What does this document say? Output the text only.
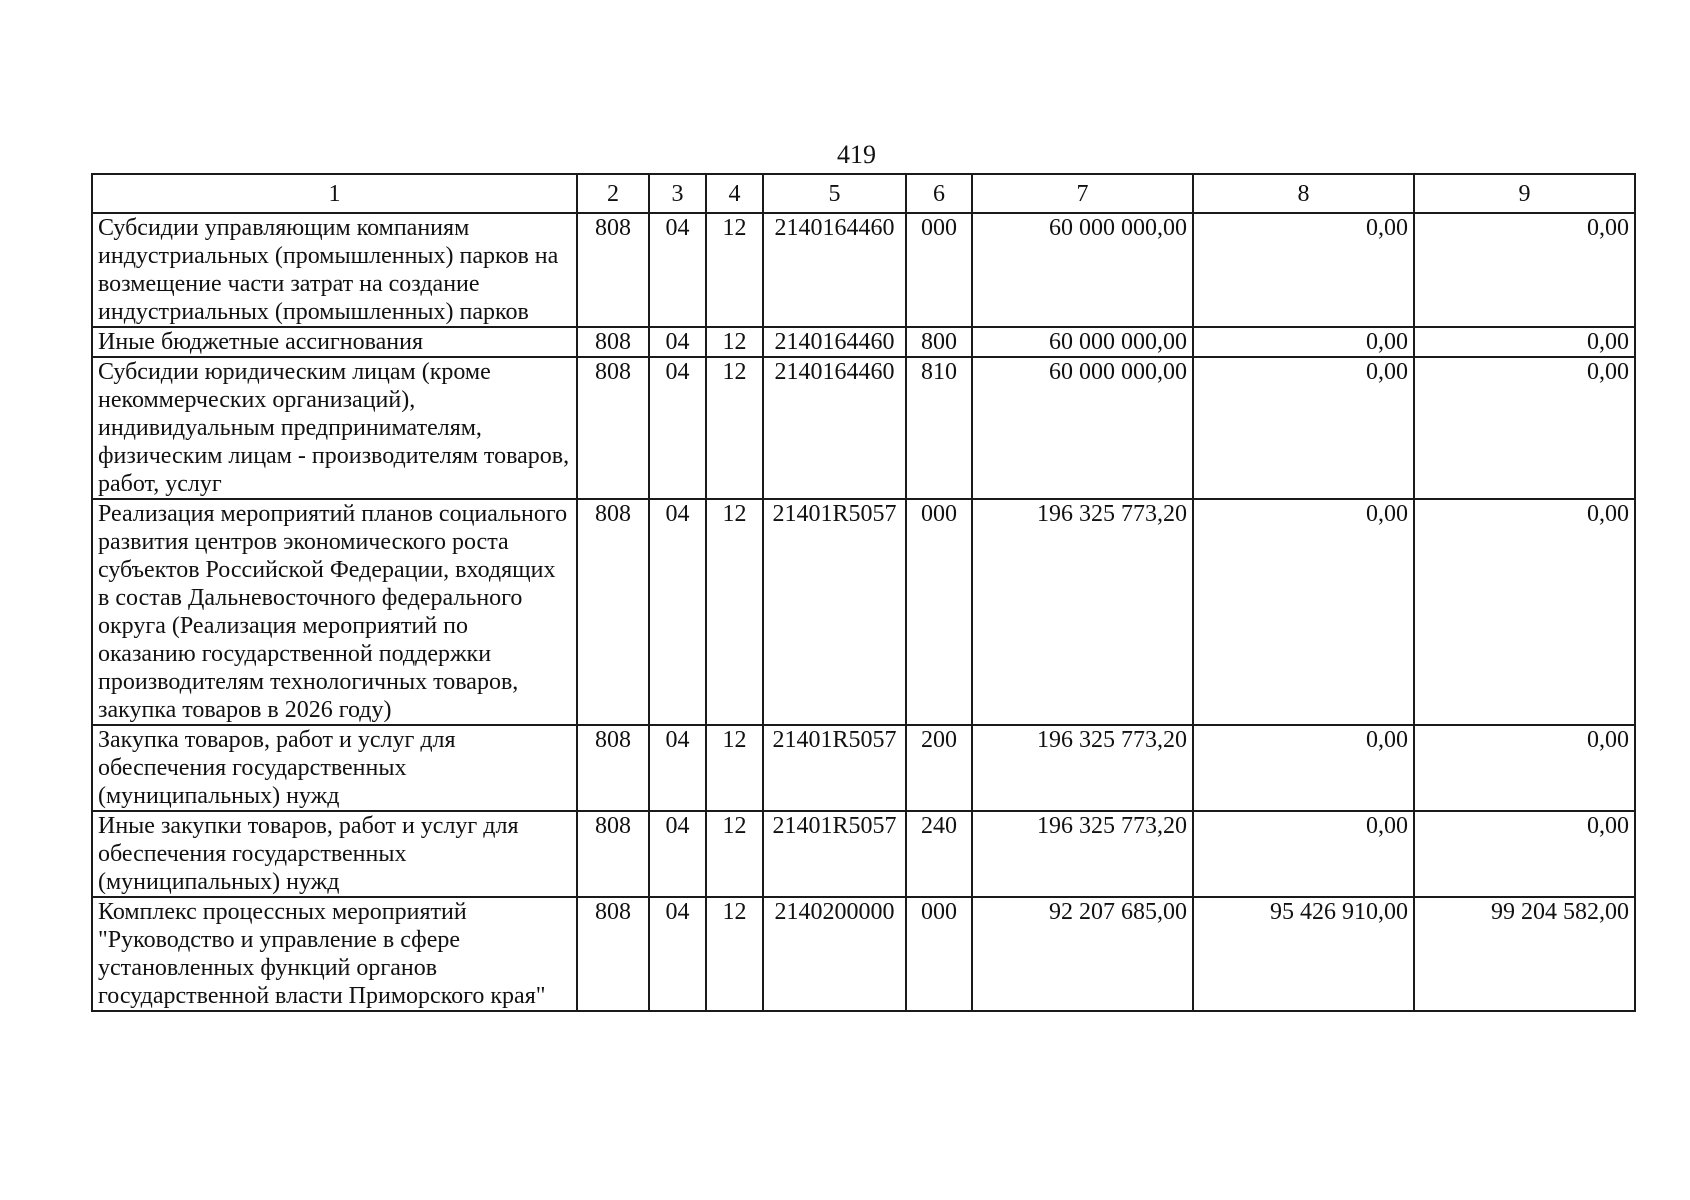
419
1	2	3	4	5	6	7	8	9
Субсидии управляющим компаниям индустриальных (промышленных) парков на возмещение части затрат на создание индустриальных (промышленных) парков	808	04	12	2140164460	000	60 000 000,00	0,00	0,00
Иные бюджетные ассигнования	808	04	12	2140164460	800	60 000 000,00	0,00	0,00
Субсидии юридическим лицам (кроме некоммерческих организаций), индивидуальным предпринимателям, физическим лицам - производителям товаров, работ, услуг	808	04	12	2140164460	810	60 000 000,00	0,00	0,00
Реализация мероприятий планов социального развития центров экономического роста субъектов Российской Федерации, входящих в состав Дальневосточного федерального округа (Реализация мероприятий по оказанию государственной поддержки производителям технологичных товаров, закупка товаров в 2026 году)	808	04	12	21401R5057	000	196 325 773,20	0,00	0,00
Закупка товаров, работ и услуг для обеспечения государственных (муниципальных) нужд	808	04	12	21401R5057	200	196 325 773,20	0,00	0,00
Иные закупки товаров, работ и услуг для обеспечения государственных (муниципальных) нужд	808	04	12	21401R5057	240	196 325 773,20	0,00	0,00
Комплекс процессных мероприятий "Руководство и управление в сфере установленных функций органов государственной власти Приморского края"	808	04	12	2140200000	000	92 207 685,00	95 426 910,00	99 204 582,00
